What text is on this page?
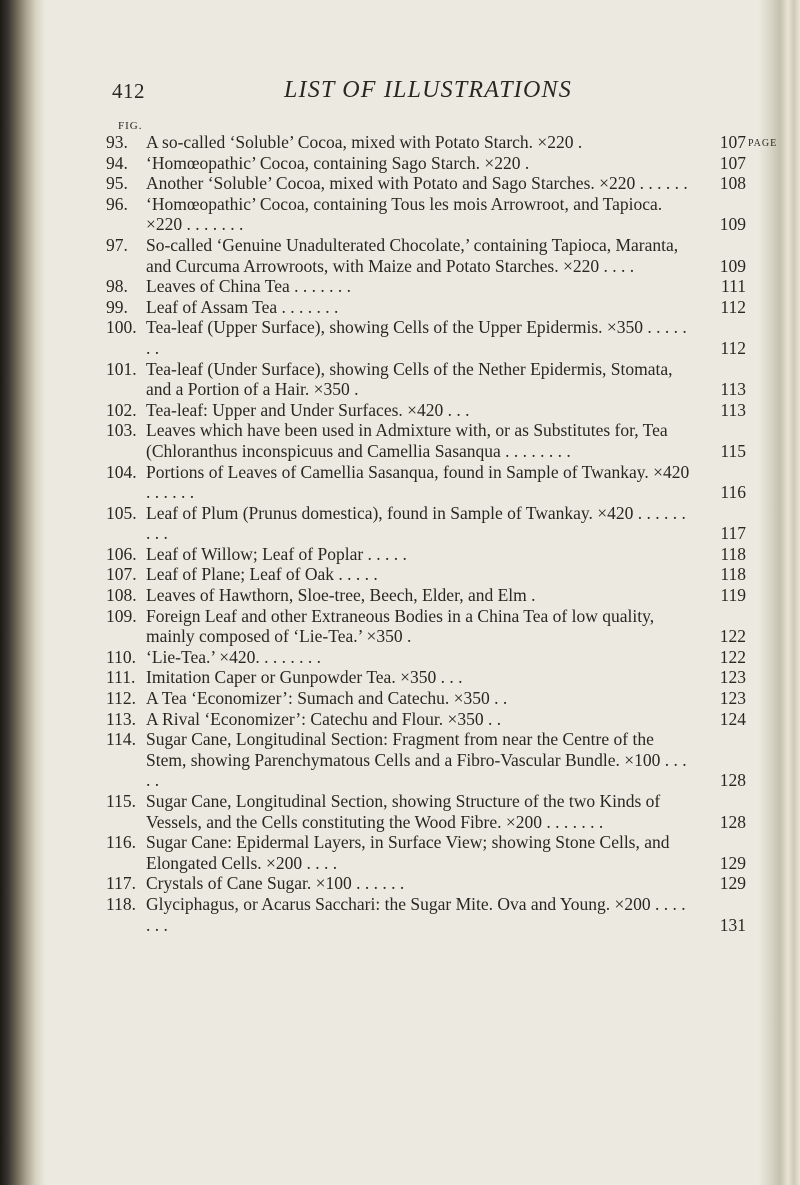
412	LIST OF ILLUSTRATIONS
FIG.
PAGE
93.	A so-called ‘Soluble’ Cocoa, mixed with Potato Starch. ×220 .	107
94.	‘Homœopathic’ Cocoa, containing Sago Starch. ×220 .	107
95.	Another ‘Soluble’ Cocoa, mixed with Potato and Sago Starches. ×220 . . . . . .	108
96.	‘Homœopathic’ Cocoa, containing Tous les mois Arrowroot, and Tapioca. ×220 . . . . . . .	109
97.	So-called ‘Genuine Unadulterated Chocolate,’ containing Tapioca, Maranta, and Curcuma Arrowroots, with Maize and Potato Starches. ×220 . . . .	109
98.	Leaves of China Tea . . . . . . .	111
99.	Leaf of Assam Tea . . . . . . .	112
100. Tea-leaf (Upper Surface), showing Cells of the Upper Epidermis. ×350 . . . . . . .	112
101. Tea-leaf (Under Surface), showing Cells of the Nether Epidermis, Stomata, and a Portion of a Hair. ×350 .	113
102. Tea-leaf: Upper and Under Surfaces. ×420 . . .	113
103. Leaves which have been used in Admixture with, or as Substitutes for, Tea (Chloranthus inconspicuus and Camellia Sasanqua . . . . . . . .	115
104. Portions of Leaves of Camellia Sasanqua, found in Sample of Twankay. ×420 . . . . . .	116
105. Leaf of Plum (Prunus domestica), found in Sample of Twankay. ×420 . . . . . . . . .	117
106. Leaf of Willow; Leaf of Poplar . . . . .	118
107. Leaf of Plane; Leaf of Oak . . . . .	118
108. Leaves of Hawthorn, Sloe-tree, Beech, Elder, and Elm .	119
109. Foreign Leaf and other Extraneous Bodies in a China Tea of low quality, mainly composed of ‘Lie-Tea.’ ×350 .	122
110. ‘Lie-Tea.’ ×420. . . . . . . .	122
111. Imitation Caper or Gunpowder Tea. ×350 . . .	123
112. A Tea ‘Economizer’: Sumach and Catechu. ×350 . .	123
113. A Rival ‘Economizer’: Catechu and Flour. ×350 . .	124
114. Sugar Cane, Longitudinal Section: Fragment from near the Centre of the Stem, showing Parenchymatous Cells and a Fibro-Vascular Bundle. ×100 . . . . .	128
115. Sugar Cane, Longitudinal Section, showing Structure of the two Kinds of Vessels, and the Cells constituting the Wood Fibre. ×200 . . . . . . .	128
116. Sugar Cane: Epidermal Layers, in Surface View; showing Stone Cells, and Elongated Cells. ×200 . . . .	129
117. Crystals of Cane Sugar. ×100 . . . . . .	129
118. Glyciphagus, or Acarus Sacchari: the Sugar Mite. Ova and Young. ×200 . . . . . . .	131
